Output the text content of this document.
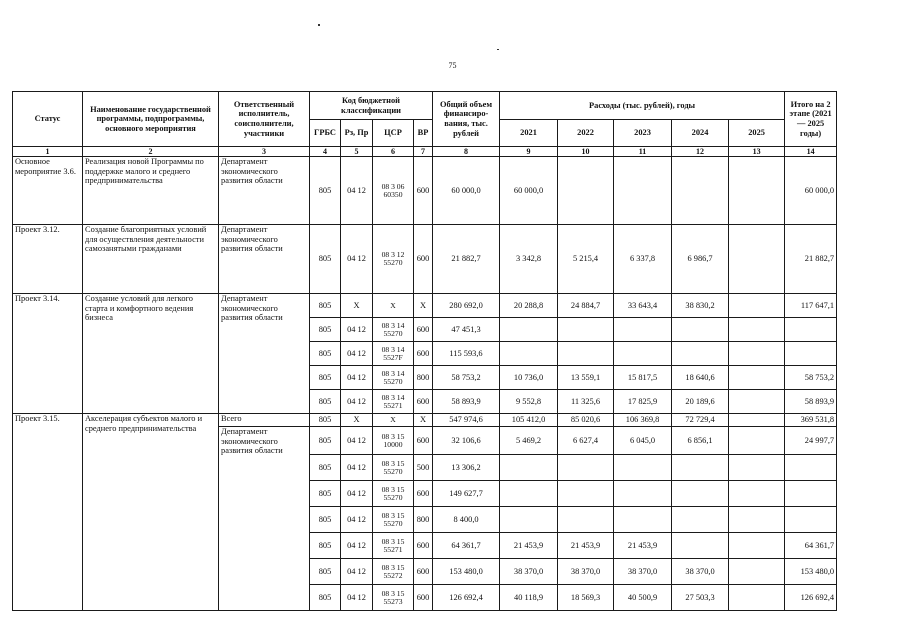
75
Статус	Наименование государственной программы, подпрограммы, основного мероприятия	Ответственный исполнитель, соисполнители, участники	Код бюджетной классификации				Общий объем финансиро- вания, тыс. рублей	Расходы (тыс. рублей), годы					Итого на 2 этапе (2021 — 2025 годы)
			ГРБС	Рз, Пр	ЦСР	ВР		2021	2022	2023	2024	2025	
1	2	3	4	5	6	7	8	9	10	11	12	13	14
Основное мероприятие 3.6.	Реализация новой Программы по поддержке малого и среднего предпринимательства	Департамент экономического развития области	805	04 12	08 3 06 60350	600	60 000,0	60 000,0					60 000,0
Проект 3.12.	Создание благоприятных условий для осуществления деятельности самозанятыми гражданами	Департамент экономического развития области	805	04 12	08 3 12 55270	600	21 882,7	3 342,8	5 215,4	6 337,8	6 986,7		21 882,7
Проект 3.14.	Создание условий для легкого старта и комфортного ведения бизнеса	Департамент экономического развития области	805	Х	Х	Х	280 692,0	20 288,8	24 884,7	33 643,4	38 830,2		117 647,1
			805	04 12	08 3 14 55270	600	47 451,3						
			805	04 12	08 3 14 5527F	600	115 593,6						
			805	04 12	08 3 14 55270	800	58 753,2	10 736,0	13 559,1	15 817,5	18 640,6		58 753,2
			805	04 12	08 3 14 55271	600	58 893,9	9 552,8	11 325,6	17 825,9	20 189,6		58 893,9
Проект 3.15.	Акселерация субъектов малого и среднего предпринимательства	Всего	805	Х	Х	Х	547 974,6	105 412,0	85 020,6	106 369,8	72 729,4		369 531,8
		Департамент экономического развития области	805	04 12	08 3 15 10000	600	32 106,6	5 469,2	6 627,4	6 045,0	6 856,1		24 997,7
			805	04 12	08 3 15 55270	500	13 306,2						
			805	04 12	08 3 15 55270	600	149 627,7						
			805	04 12	08 3 15 55270	800	8 400,0						
			805	04 12	08 3 15 55271	600	64 361,7	21 453,9	21 453,9	21 453,9			64 361,7
			805	04 12	08 3 15 55272	600	153 480,0	38 370,0	38 370,0	38 370,0	38 370,0		153 480,0
			805	04 12	08 3 15 55273	600	126 692,4	40 118,9	18 569,3	40 500,9	27 503,3		126 692,4
